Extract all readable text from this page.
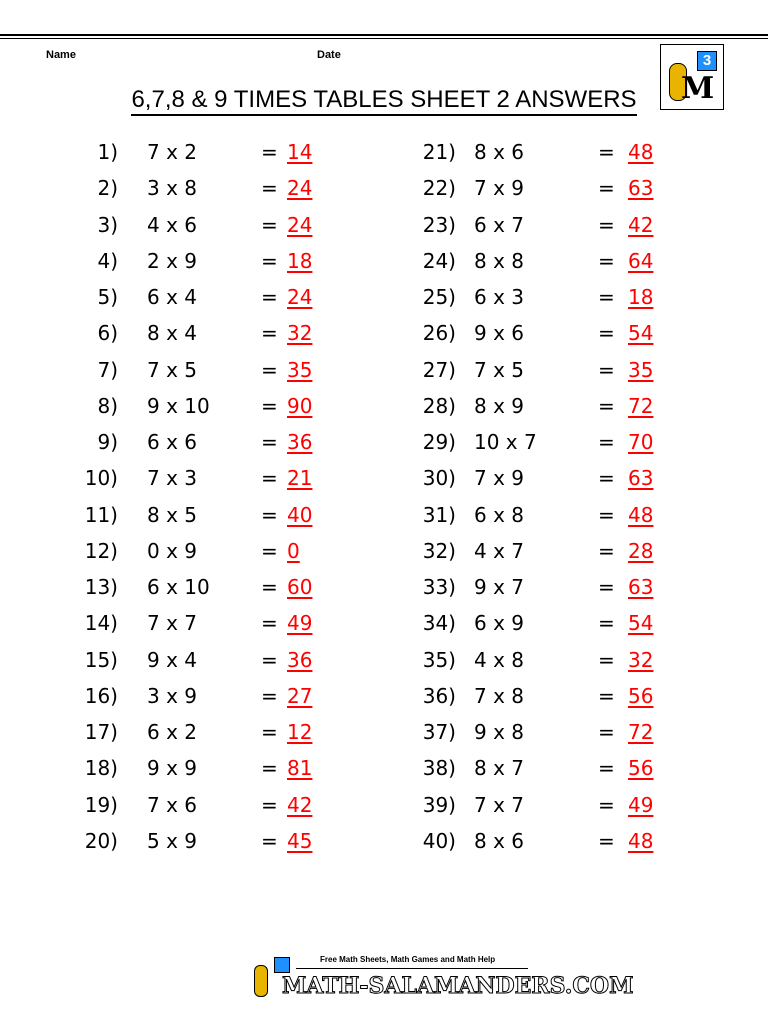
Name	Date
6,7,8 & 9 TIMES TABLES SHEET 2 ANSWERS
3
M
1) 7 x 2	= 14
2) 3 x 8	= 24
3) 4 x 6	= 24
4) 2 x 9	= 18
5) 6 x 4	= 24
6) 8 x 4	= 32
7) 7 x 5	= 35
8) 9 x 10	= 90
9) 6 x 6	= 36
10) 7 x 3	= 21
11) 8 x 5	= 40
12) 0 x 9	= 0
13) 6 x 10	= 60
14) 7 x 7	= 49
15) 9 x 4	= 36
16) 3 x 9	= 27
17) 6 x 2	= 12
18) 9 x 9	= 81
19) 7 x 6	= 42
20) 5 x 9	= 45
21) 8 x 6	= 48
22) 7 x 9	= 63
23) 6 x 7	= 42
24) 8 x 8	= 64
25) 6 x 3	= 18
26) 9 x 6	= 54
27) 7 x 5	= 35
28) 8 x 9	= 72
29) 10 x 7	= 70
30) 7 x 9	= 63
31) 6 x 8	= 48
32) 4 x 7	= 28
33) 9 x 7	= 63
34) 6 x 9	= 54
35) 4 x 8	= 32
36) 7 x 8	= 56
37) 9 x 8	= 72
38) 8 x 7	= 56
39) 7 x 7	= 49
40) 8 x 6	= 48
Free Math Sheets, Math Games and Math Help
MATH-SALAMANDERS.COM
